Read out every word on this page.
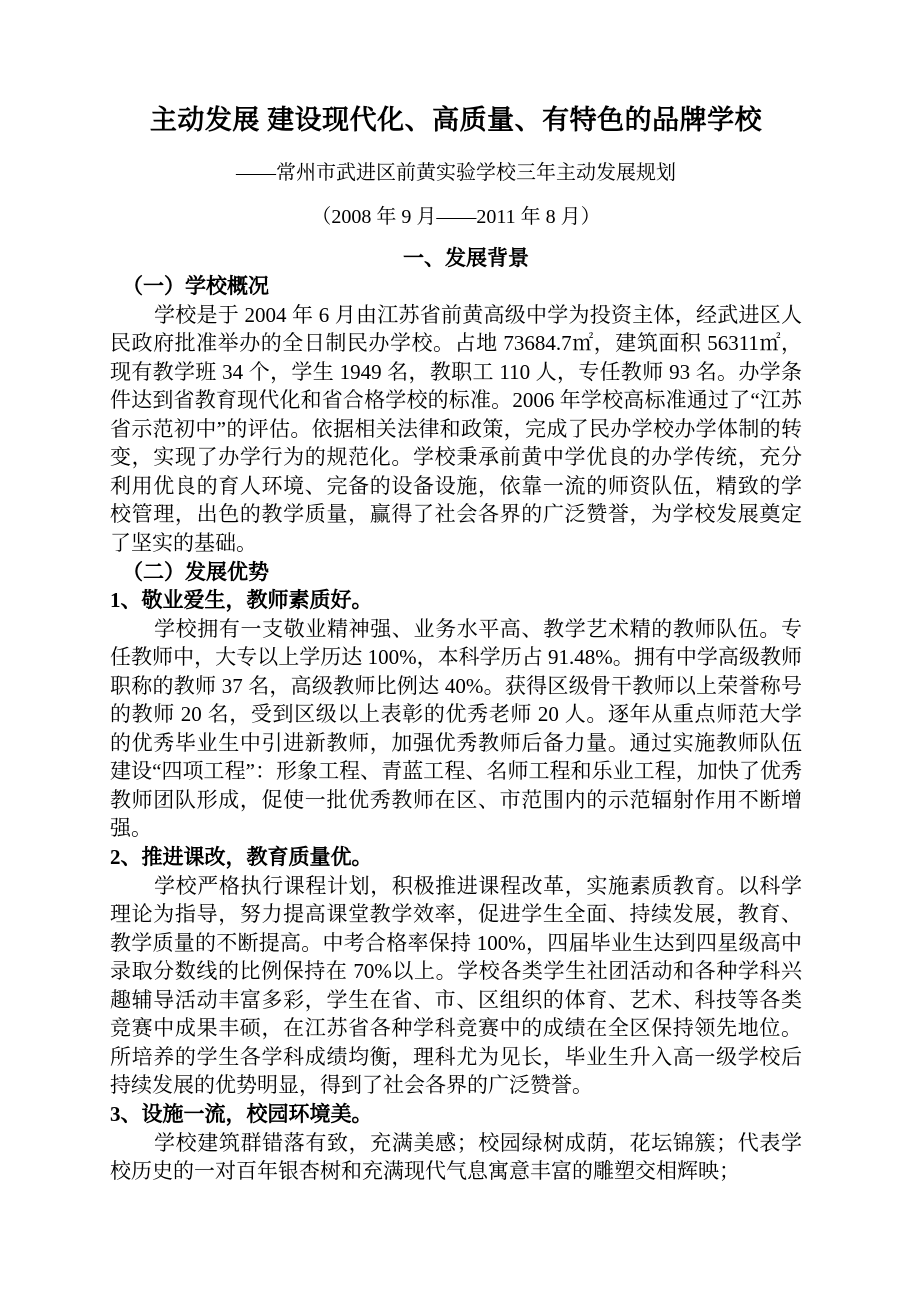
主动发展 建设现代化、高质量、有特色的品牌学校

——常州市武进区前黄实验学校三年主动发展规划

（2008 年 9 月——2011 年 8 月）

一、发展背景
（一）学校概况

学校是于 2004 年 6 月由江苏省前黄高级中学为投资主体，经武进区人民政府批准举办的全日制民办学校。占地 73684.7㎡，建筑面积 56311㎡，现有教学班 34 个，学生 1949 名，教职工 110 人，专任教师 93 名。办学条件达到省教育现代化和省合格学校的标准。2006 年学校高标准通过了“江苏省示范初中”的评估。依据相关法律和政策，完成了民办学校办学体制的转变，实现了办学行为的规范化。学校秉承前黄中学优良的办学传统，充分利用优良的育人环境、完备的设备设施，依靠一流的师资队伍，精致的学校管理，出色的教学质量，赢得了社会各界的广泛赞誉，为学校发展奠定了坚实的基础。

（二）发展优势
1、敬业爱生，教师素质好。

学校拥有一支敬业精神强、业务水平高、教学艺术精的教师队伍。专任教师中，大专以上学历达 100%，本科学历占 91.48%。拥有中学高级教师职称的教师 37 名，高级教师比例达 40%。获得区级骨干教师以上荣誉称号的教师 20 名，受到区级以上表彰的优秀老师 20 人。逐年从重点师范大学的优秀毕业生中引进新教师，加强优秀教师后备力量。通过实施教师队伍建设“四项工程”：形象工程、青蓝工程、名师工程和乐业工程，加快了优秀教师团队形成，促使一批优秀教师在区、市范围内的示范辐射作用不断增强。

2、推进课改，教育质量优。

学校严格执行课程计划，积极推进课程改革，实施素质教育。以科学理论为指导，努力提高课堂教学效率，促进学生全面、持续发展，教育、教学质量的不断提高。中考合格率保持 100%，四届毕业生达到四星级高中录取分数线的比例保持在 70%以上。学校各类学生社团活动和各种学科兴趣辅导活动丰富多彩，学生在省、市、区组织的体育、艺术、科技等各类竞赛中成果丰硕，在江苏省各种学科竞赛中的成绩在全区保持领先地位。所培养的学生各学科成绩均衡，理科尤为见长，毕业生升入高一级学校后持续发展的优势明显，得到了社会各界的广泛赞誉。

3、设施一流，校园环境美。

学校建筑群错落有致，充满美感；校园绿树成荫，花坛锦簇；代表学校历史的一对百年银杏树和充满现代气息寓意丰富的雕塑交相辉映；
